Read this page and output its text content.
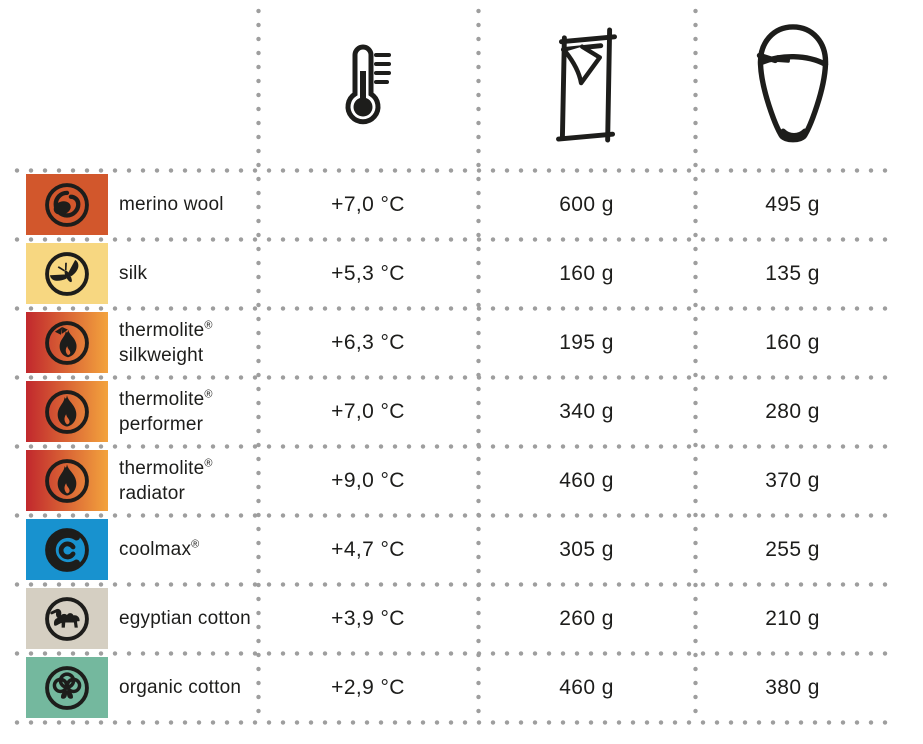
merino wool	+7,0 °C	600 g	495 g
silk	+5,3 °C	160 g	135 g
thermolite®
silkweight
+6,3 °C	195 g	160 g
thermolite®
performer
+7,0 °C	340 g	280 g
thermolite®
radiator
+9,0 °C	460 g	370 g
coolmax®	+4,7 °C	305 g	255 g
egyptian cotton	+3,9 °C	260 g	210 g
organic cotton	+2,9 °C	460 g	380 g
